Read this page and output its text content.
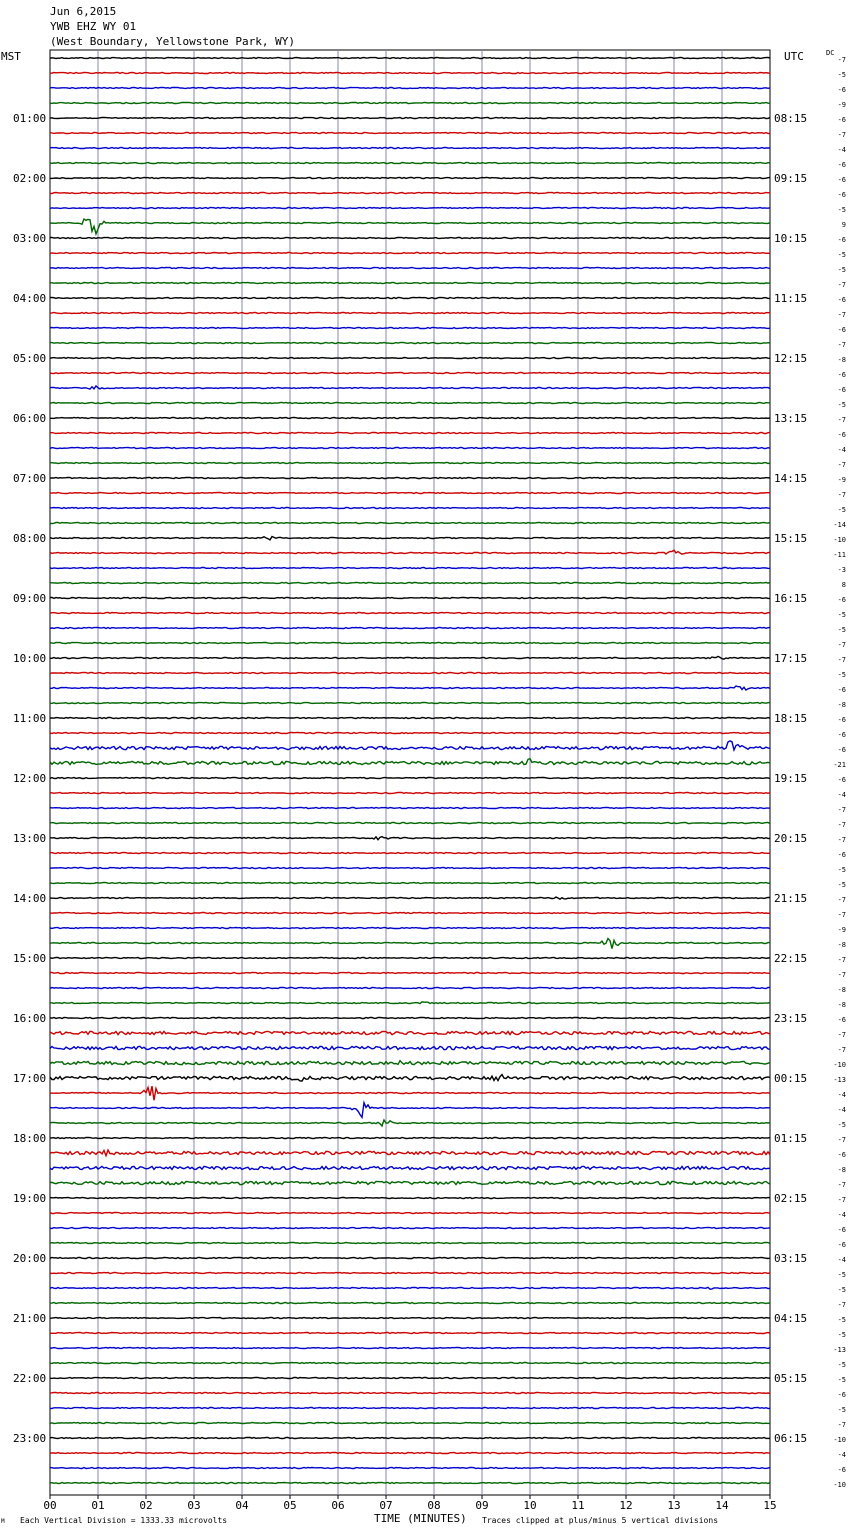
Jun 6,2015
YWB EHZ WY 01
(West Boundary, Yellowstone Park, WY)
MST	UTC	DC
00	01	02	03	04	05	06	07	08	09	10	11	12	13	14	15
-7
-5
-6
-9
-6
-7
-4
-6
-6
-6
-5
9
-6
-5
-5
-7
-6
-7
-6
-7
-8
-6
-6
-5
-7
-6
-4
-7
-9
-7
-5
-14
-10
-11
-3
8
-6
-5
-5
-7
-7
-5
-6
-8
-6
-6
-6
-21
-6
-4
-7
-7
-7
-6
-5
-5
-7
-7
-9
-8
-7
-7
-8
-8
-6
-7
-7
-10
-13
-4
-4
-5
-7
-6
-8
-7
-7
-4
-6
-6
-4
-5
-5
-7
-5
-5
-13
-5
-5
-6
-5
-7
-10
-4
-6
-10
01:00
02:00
03:00
04:00
05:00
06:00
07:00
08:00
09:00
10:00
11:00
12:00
13:00
14:00
15:00
16:00
17:00
18:00
19:00
20:00
21:00
22:00
23:00
08:15
09:15
10:15
11:15
12:15
13:15
14:15
15:15
16:15
17:15
18:15
19:15
20:15
21:15
22:15
23:15
00:15
01:15
02:15
03:15
04:15
05:15
06:15
M Each Vertical Division = 1333.33 microvolts	TIME (MINUTES) Traces clipped at plus/minus 5 vertical divisions
